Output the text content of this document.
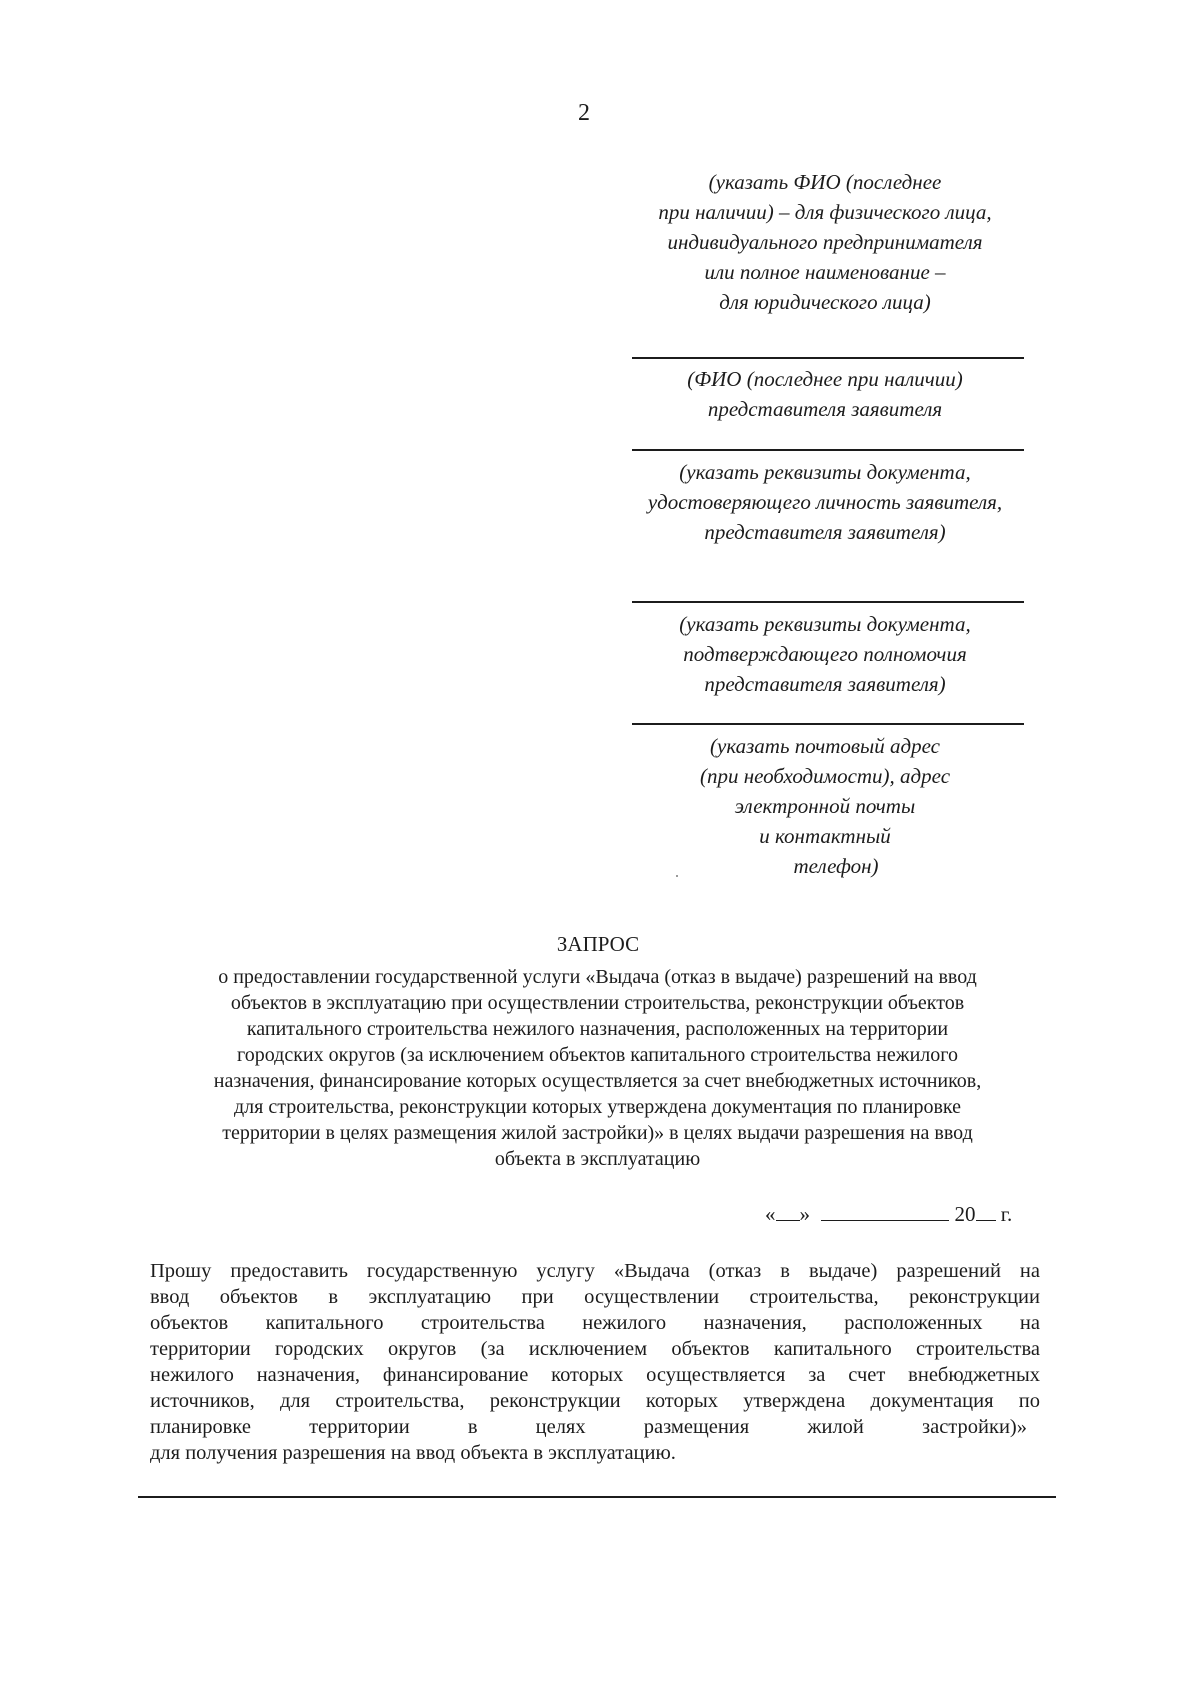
2
(указать ФИО (последнее
при наличии) – для физического лица,
индивидуального предпринимателя
или полное наименование –
для юридического лица)
(ФИО (последнее при наличии)
представителя заявителя
(указать реквизиты документа,
удостоверяющего личность заявителя,
представителя заявителя)
(указать реквизиты документа,
подтверждающего полномочия
представителя заявителя)
(указать почтовый адрес
(при необходимости), адрес
электронной почты
и контактный
телефон)
ЗАПРОС
о предоставлении государственной услуги «Выдача (отказ в выдаче) разрешений на ввод
объектов в эксплуатацию при осуществлении строительства, реконструкции объектов
капитального строительства нежилого назначения, расположенных на территории
городских округов (за исключением объектов капитального строительства нежилого
назначения, финансирование которых осуществляется за счет внебюджетных источников,
для строительства, реконструкции которых утверждена документация по планировке
территории в целях размещения жилой застройки)» в целях выдачи разрешения на ввод
объекта в эксплуатацию
« »	20 г.
Прошу предоставить государственную услугу «Выдача (отказ в выдаче) разрешений на
ввод объектов в эксплуатацию при осуществлении строительства, реконструкции
объектов капитального строительства нежилого назначения, расположенных на
территории городских округов (за исключением объектов капитального строительства
нежилого назначения, финансирование которых осуществляется за счет внебюджетных
источников, для строительства, реконструкции которых утверждена документация по
планировке территории в целях размещения жилой застройки)»
для получения разрешения на ввод объекта в эксплуатацию.
